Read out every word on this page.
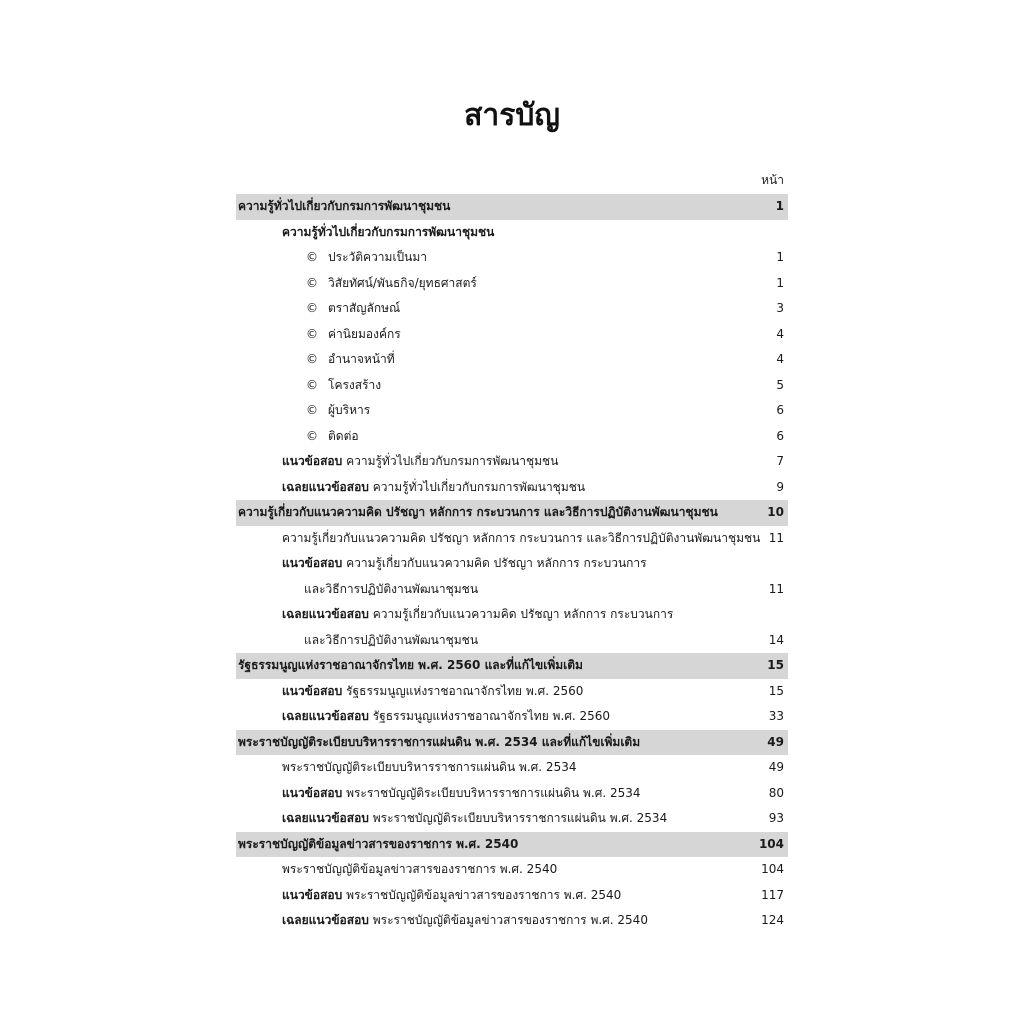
สารบัญ
หน้า
ความรู้ทั่วไปเกี่ยวกับกรมการพัฒนาชุมชน	1
ความรู้ทั่วไปเกี่ยวกับกรมการพัฒนาชุมชน
© ประวัติความเป็นมา	1
© วิสัยทัศน์/พันธกิจ/ยุทธศาสตร์	1
© ตราสัญลักษณ์	3
© ค่านิยมองค์กร	4
© อำนาจหน้าที่	4
© โครงสร้าง	5
© ผู้บริหาร	6
© ติดต่อ	6
แนวข้อสอบ ความรู้ทั่วไปเกี่ยวกับกรมการพัฒนาชุมชน	7
เฉลยแนวข้อสอบ ความรู้ทั่วไปเกี่ยวกับกรมการพัฒนาชุมชน	9
ความรู้เกี่ยวกับแนวความคิด ปรัชญา หลักการ กระบวนการ และวิธีการปฏิบัติงานพัฒนาชุมชน	10
ความรู้เกี่ยวกับแนวความคิด ปรัชญา หลักการ กระบวนการ และวิธีการปฏิบัติงานพัฒนาชุมชน 11
แนวข้อสอบ ความรู้เกี่ยวกับแนวความคิด ปรัชญา หลักการ กระบวนการ
และวิธีการปฏิบัติงานพัฒนาชุมชน	11
เฉลยแนวข้อสอบ ความรู้เกี่ยวกับแนวความคิด ปรัชญา หลักการ กระบวนการ
และวิธีการปฏิบัติงานพัฒนาชุมชน	14
รัฐธรรมนูญแห่งราชอาณาจักรไทย พ.ศ. 2560 และที่แก้ไขเพิ่มเติม	15
แนวข้อสอบ รัฐธรรมนูญแห่งราชอาณาจักรไทย พ.ศ. 2560	15
เฉลยแนวข้อสอบ รัฐธรรมนูญแห่งราชอาณาจักรไทย พ.ศ. 2560	33
พระราชบัญญัติระเบียบบริหารราชการแผ่นดิน พ.ศ. 2534 และที่แก้ไขเพิ่มเติม	49
พระราชบัญญัติระเบียบบริหารราชการแผ่นดิน พ.ศ. 2534	49
แนวข้อสอบ พระราชบัญญัติระเบียบบริหารราชการแผ่นดิน พ.ศ. 2534	80
เฉลยแนวข้อสอบ พระราชบัญญัติระเบียบบริหารราชการแผ่นดิน พ.ศ. 2534	93
พระราชบัญญัติข้อมูลข่าวสารของราชการ พ.ศ. 2540	104
พระราชบัญญัติข้อมูลข่าวสารของราชการ พ.ศ. 2540	104
แนวข้อสอบ พระราชบัญญัติข้อมูลข่าวสารของราชการ พ.ศ. 2540	117
เฉลยแนวข้อสอบ พระราชบัญญัติข้อมูลข่าวสารของราชการ พ.ศ. 2540	124
